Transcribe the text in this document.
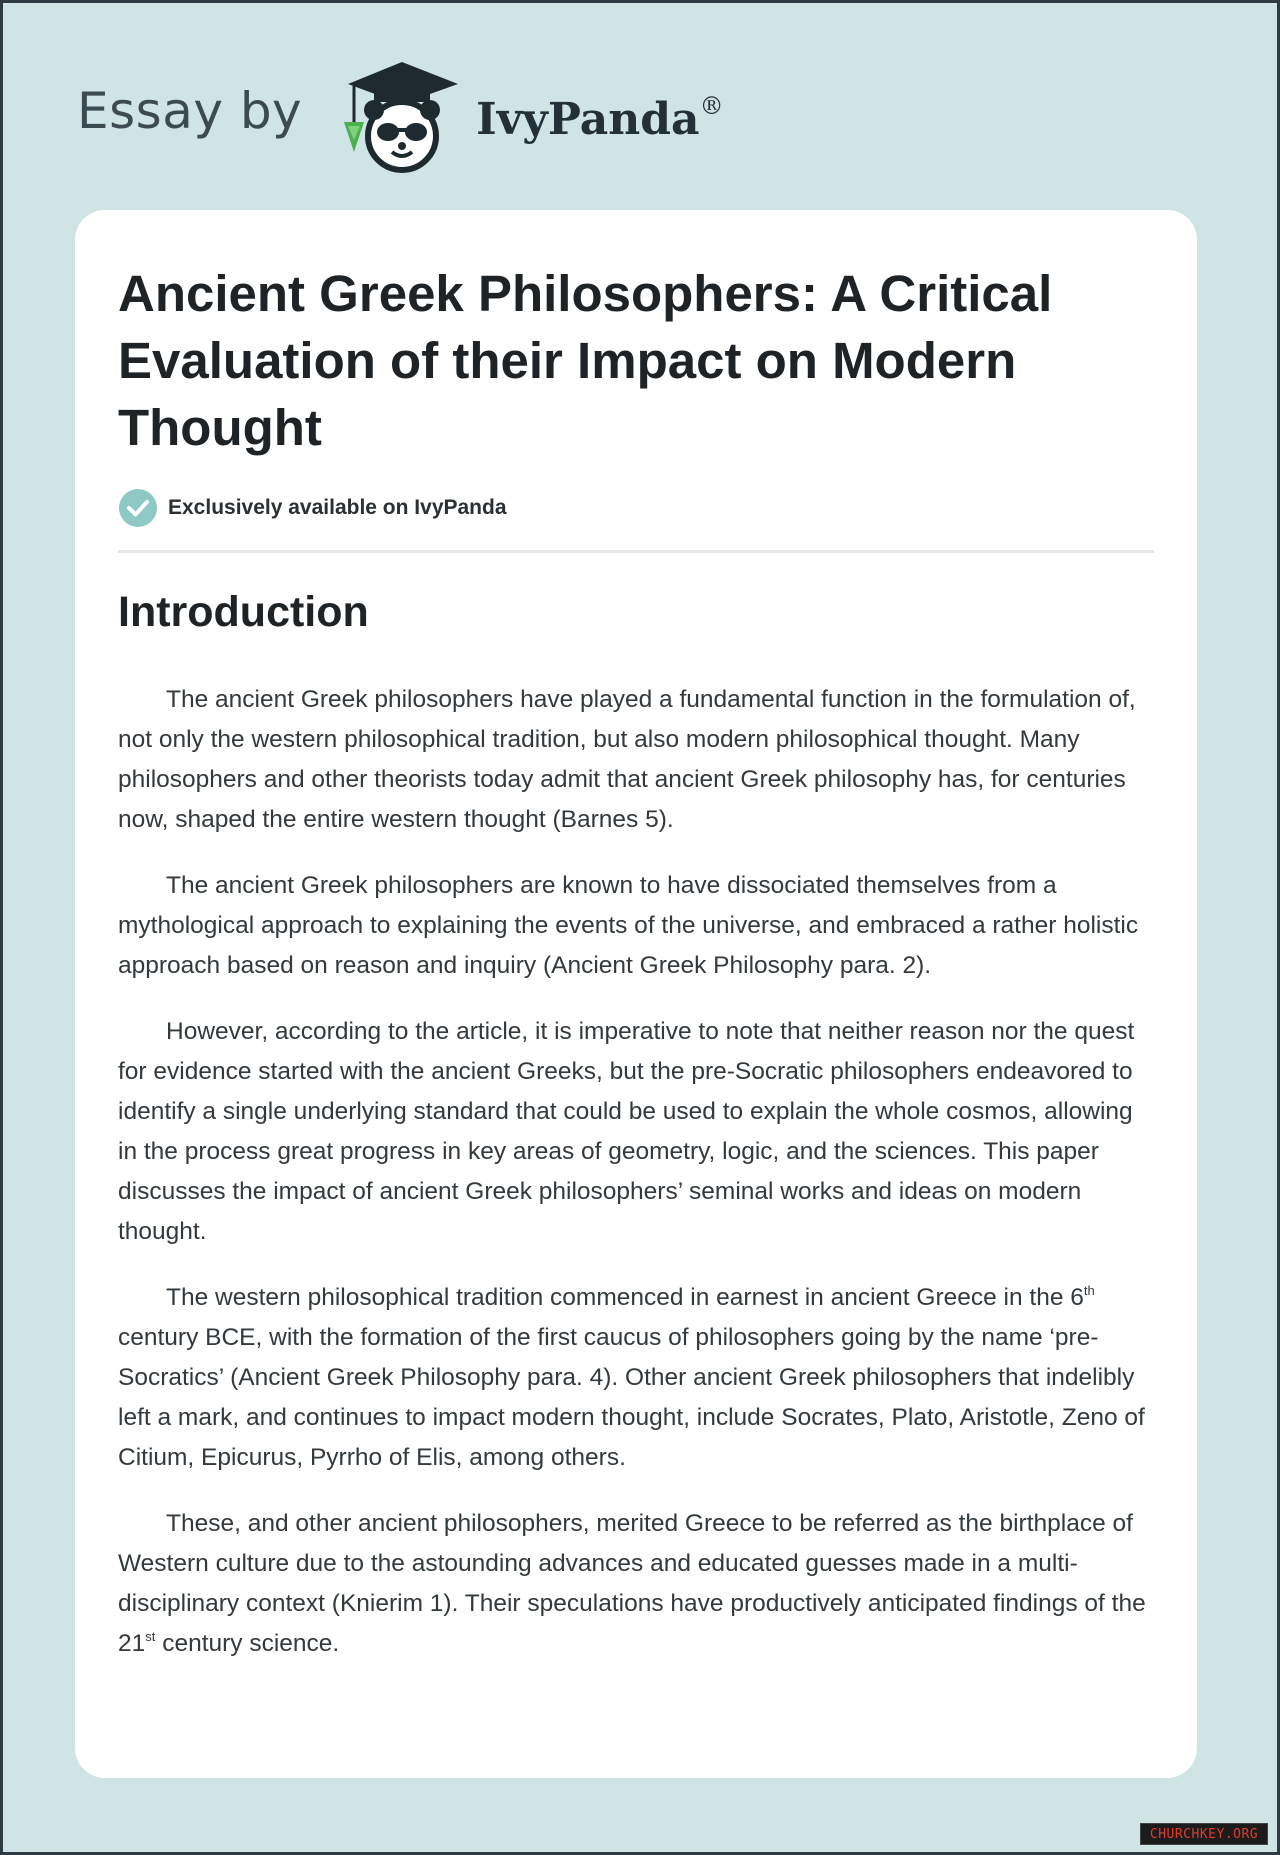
Essay by	IvyPanda®
Ancient Greek Philosophers: A Critical Evaluation of their Impact on Modern Thought
Exclusively available on IvyPanda
Introduction

The ancient Greek philosophers have played a fundamental function in the formulation of, not only the western philosophical tradition, but also modern philosophical thought. Many philosophers and other theorists today admit that ancient Greek philosophy has, for centuries now, shaped the entire western thought (Barnes 5).

The ancient Greek philosophers are known to have dissociated themselves from a mythological approach to explaining the events of the universe, and embraced a rather holistic approach based on reason and inquiry (Ancient Greek Philosophy para. 2).

However, according to the article, it is imperative to note that neither reason nor the quest for evidence started with the ancient Greeks, but the pre-Socratic philosophers endeavored to identify a single underlying standard that could be used to explain the whole cosmos, allowing in the process great progress in key areas of geometry, logic, and the sciences. This paper discusses the impact of ancient Greek philosophers’ seminal works and ideas on modern thought.

The western philosophical tradition commenced in earnest in ancient Greece in the 6th century BCE, with the formation of the first caucus of philosophers going by the name ‘pre-Socratics’ (Ancient Greek Philosophy para. 4). Other ancient Greek philosophers that indelibly left a mark, and continues to impact modern thought, include Socrates, Plato, Aristotle, Zeno of Citium, Epicurus, Pyrrho of Elis, among others.

These, and other ancient philosophers, merited Greece to be referred as the birthplace of Western culture due to the astounding advances and educated guesses made in a multi-disciplinary context (Knierim 1). Their speculations have productively anticipated findings of the 21st century science.

CHURCHKEY.ORG
